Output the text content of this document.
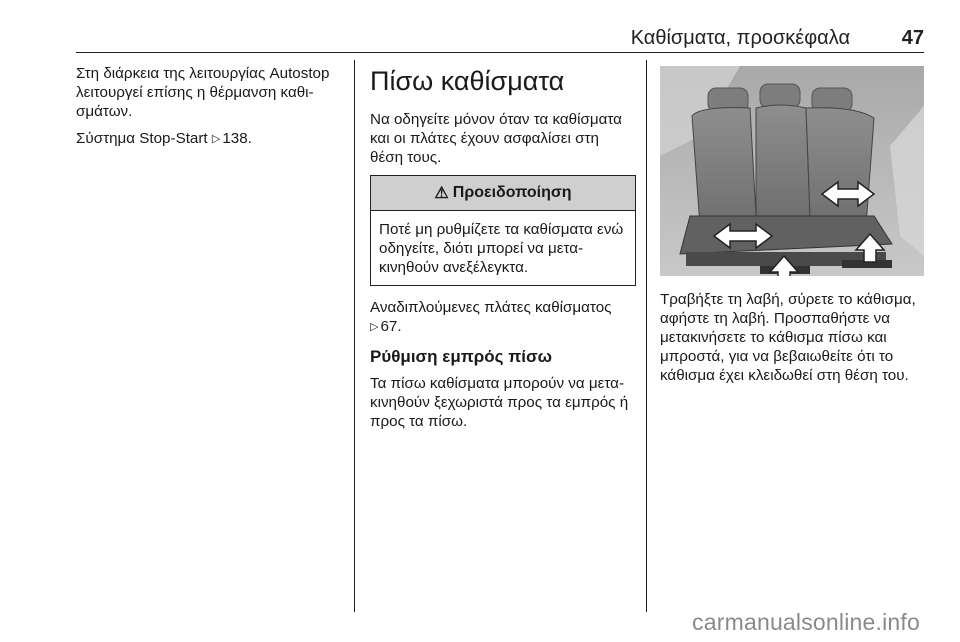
Καθίσματα, προσκέφαλα	47

Στη διάρκεια της λειτουργίας Autostop λειτουργεί επίσης η θέρμανση καθι- σμάτων.

Σύστημα Stop-Start ▷ 138.

Πίσω καθίσματα

Να οδηγείτε μόνον όταν τα καθίσματα και οι πλάτες έχουν ασφαλίσει στη θέση τους.

⚠ Προειδοποίηση

Ποτέ μη ρυθμίζετε τα καθίσματα ενώ οδηγείτε, διότι μπορεί να μετα- κινηθούν ανεξέλεγκτα.

Αναδιπλούμενες πλάτες καθίσματος
▷ 67.

Ρύθμιση εμπρός πίσω

Τα πίσω καθίσματα μπορούν να μετα- κινηθούν ξεχωριστά προς τα εμπρός ή προς τα πίσω.

Τραβήξτε τη λαβή, σύρετε το κάθισμα, αφήστε τη λαβή. Προσπαθήστε να μετακινήσετε το κάθισμα πίσω και μπροστά, για να βεβαιωθείτε ότι το κάθισμα έχει κλειδωθεί στη θέση του.

carmanualsonline.info
